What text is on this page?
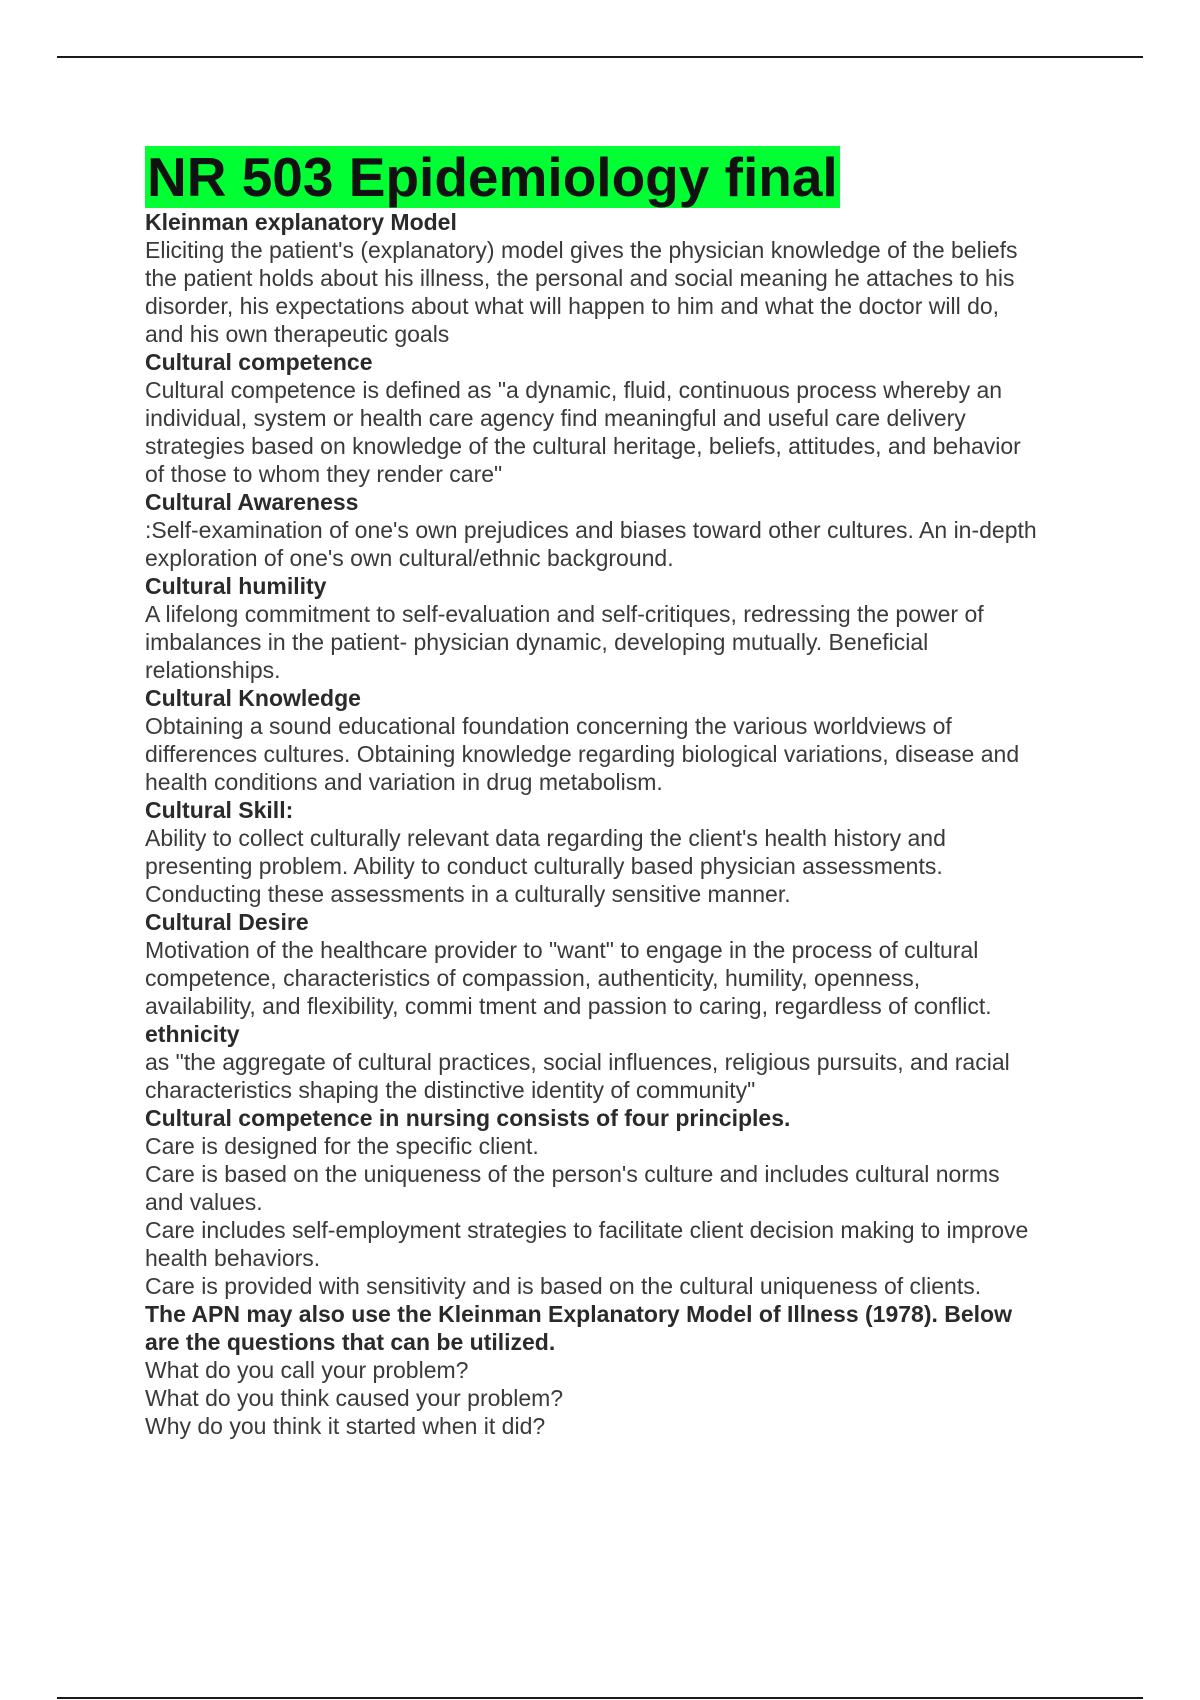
NR 503 Epidemiology final
Kleinman explanatory Model
Eliciting the patient's (explanatory) model gives the physician knowledge of the beliefs
the patient holds about his illness, the personal and social meaning he attaches to his
disorder, his expectations about what will happen to him and what the doctor will do,
and his own therapeutic goals
Cultural competence
Cultural competence is defined as "a dynamic, fluid, continuous process whereby an
individual, system or health care agency find meaningful and useful care delivery
strategies based on knowledge of the cultural heritage, beliefs, attitudes, and behavior
of those to whom they render care"
Cultural Awareness
:Self-examination of one's own prejudices and biases toward other cultures. An in-depth
exploration of one's own cultural/ethnic background.
Cultural humility
A lifelong commitment to self-evaluation and self-critiques, redressing the power of
imbalances in the patient- physician dynamic, developing mutually. Beneficial
relationships.
Cultural Knowledge
Obtaining a sound educational foundation concerning the various worldviews of
differences cultures. Obtaining knowledge regarding biological variations, disease and
health conditions and variation in drug metabolism.
Cultural Skill:
Ability to collect culturally relevant data regarding the client's health history and
presenting problem. Ability to conduct culturally based physician assessments.
Conducting these assessments in a culturally sensitive manner.
Cultural Desire
Motivation of the healthcare provider to "want" to engage in the process of cultural
competence, characteristics of compassion, authenticity, humility, openness,
availability, and flexibility, commi tment and passion to caring, regardless of conflict.
ethnicity
as "the aggregate of cultural practices, social influences, religious pursuits, and racial
characteristics shaping the distinctive identity of community"
Cultural competence in nursing consists of four principles.
Care is designed for the specific client.
Care is based on the uniqueness of the person's culture and includes cultural norms
and values.
Care includes self-employment strategies to facilitate client decision making to improve
health behaviors.
Care is provided with sensitivity and is based on the cultural uniqueness of clients.
The APN may also use the Kleinman Explanatory Model of Illness (1978). Below
are the questions that can be utilized.
What do you call your problem?
What do you think caused your problem?
Why do you think it started when it did?
